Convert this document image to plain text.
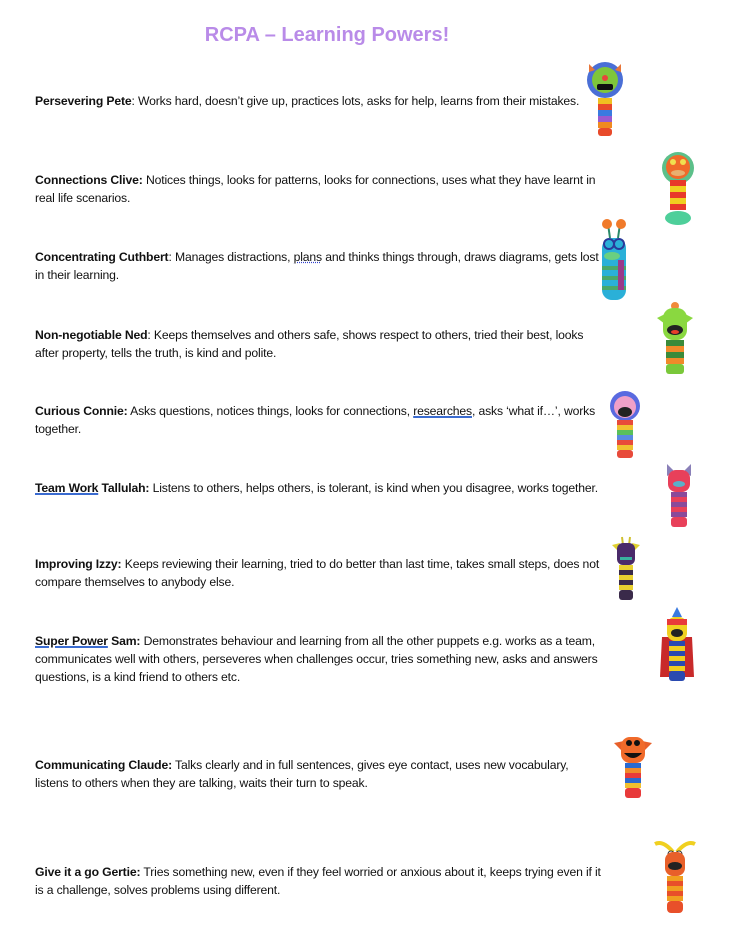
RCPA – Learning Powers!
Persevering Pete: Works hard, doesn’t give up, practices lots, asks for help, learns from their mistakes.
Connections Clive: Notices things, looks for patterns, looks for connections, uses what they have learnt in real life scenarios.
Concentrating Cuthbert: Manages distractions, plans and thinks things through, draws diagrams, gets lost in their learning.
Non-negotiable Ned: Keeps themselves and others safe, shows respect to others, tried their best, looks after property, tells the truth, is kind and polite.
Curious Connie: Asks questions, notices things, looks for connections, researches, asks ‘what if…’, works together.
Team Work Tallulah: Listens to others, helps others, is tolerant, is kind when you disagree, works together.
Improving Izzy: Keeps reviewing their learning, tried to do better than last time, takes small steps, does not compare themselves to anybody else.
Super Power Sam: Demonstrates behaviour and learning from all the other puppets e.g. works as a team, communicates well with others, perseveres when challenges occur, tries something new, asks and answers questions, is a kind friend to others etc.
Communicating Claude: Talks clearly and in full sentences, gives eye contact, uses new vocabulary, listens to others when they are talking, waits their turn to speak.
Give it a go Gertie: Tries something new, even if they feel worried or anxious about it, keeps trying even if it is a challenge, solves problems using different.
